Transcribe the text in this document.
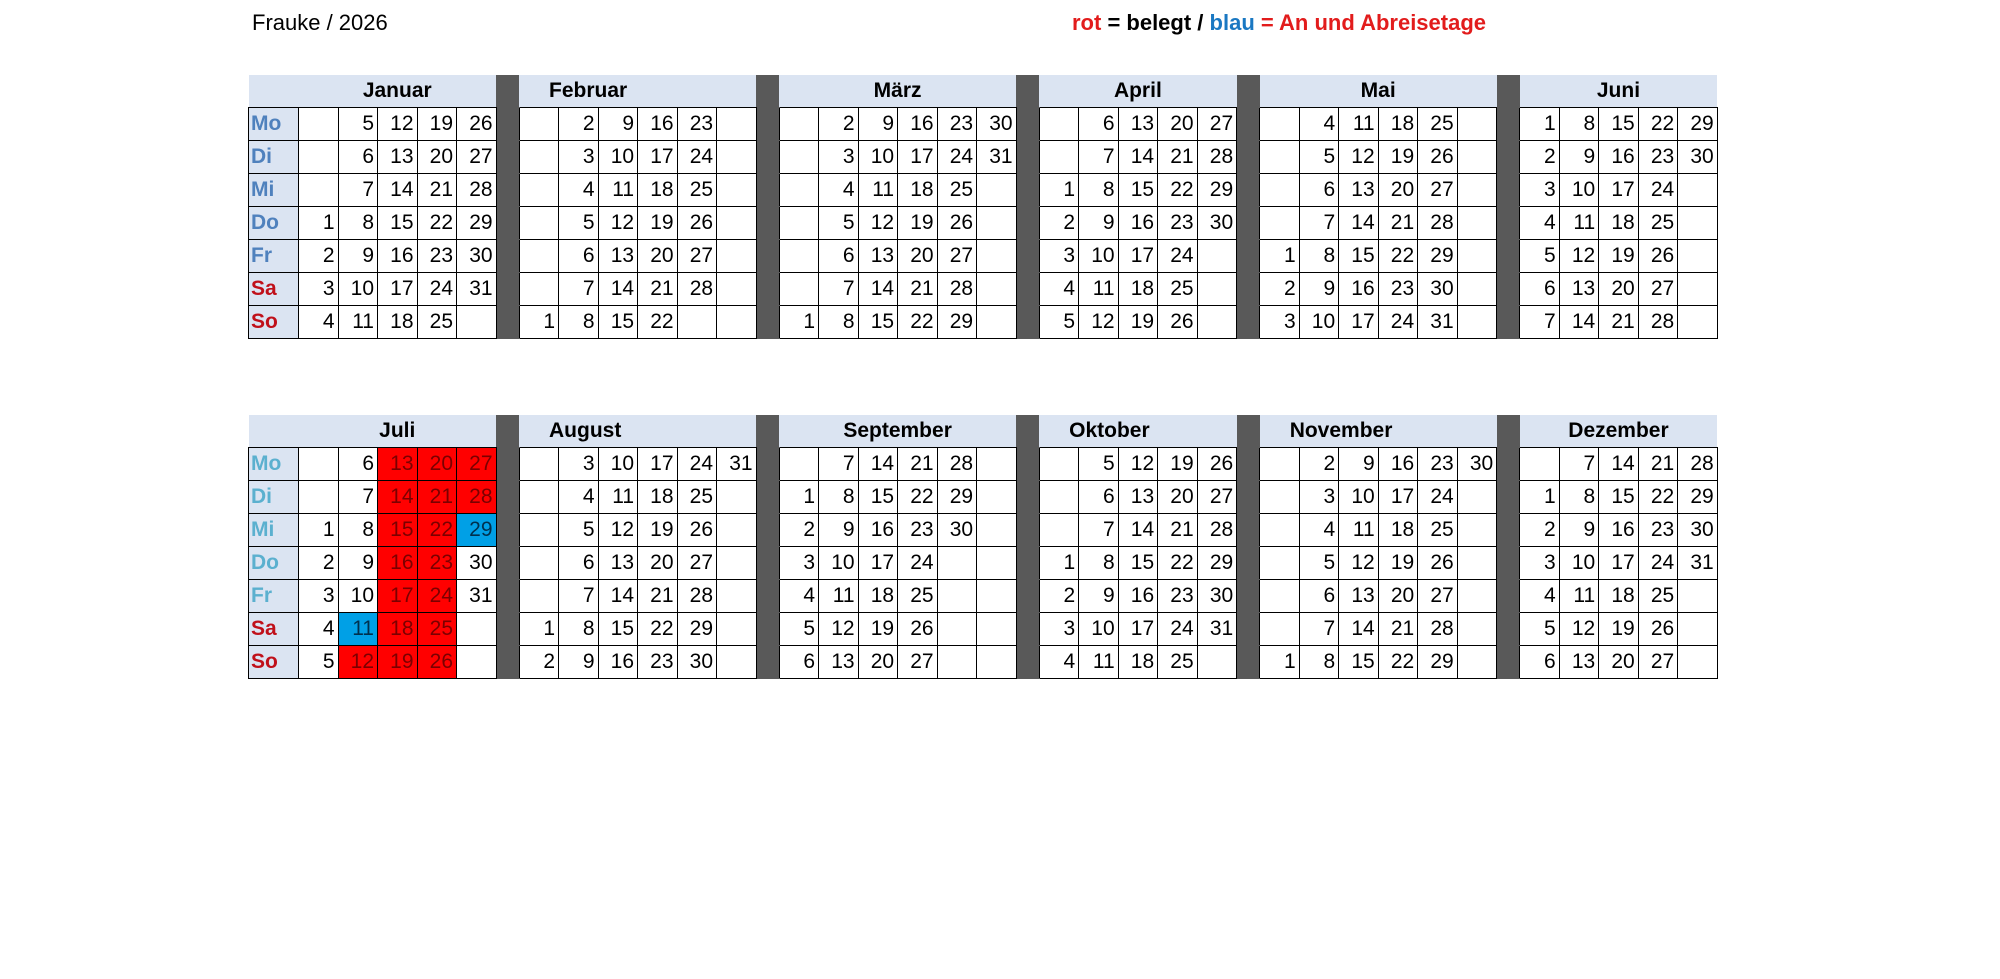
Frauke / 2026	rot = belegt / blau = An und Abreisetage
	Januar						Februar							März							April						Mai							Juni				
Mo		5	12	19	26			2	9	16	23				2	9	16	23	30			6	13	20	27			4	11	18	25			1	8	15	22	29
Di		6	13	20	27			3	10	17	24				3	10	17	24	31			7	14	21	28			5	12	19	26			2	9	16	23	30
Mi		7	14	21	28			4	11	18	25				4	11	18	25			1	8	15	22	29			6	13	20	27			3	10	17	24	
Do	1	8	15	22	29			5	12	19	26				5	12	19	26			2	9	16	23	30			7	14	21	28			4	11	18	25	
Fr	2	9	16	23	30			6	13	20	27				6	13	20	27			3	10	17	24			1	8	15	22	29			5	12	19	26	
Sa	3	10	17	24	31			7	14	21	28				7	14	21	28			4	11	18	25			2	9	16	23	30			6	13	20	27	
So	4	11	18	25			1	8	15	22				1	8	15	22	29			5	12	19	26			3	10	17	24	31			7	14	21	28	
	Juli						August							September							Oktober						November							Dezember				
Mo		6	13	20	27			3	10	17	24	31			7	14	21	28				5	12	19	26			2	9	16	23	30			7	14	21	28
Di		7	14	21	28			4	11	18	25			1	8	15	22	29				6	13	20	27			3	10	17	24			1	8	15	22	29
Mi	1	8	15	22	29			5	12	19	26			2	9	16	23	30				7	14	21	28			4	11	18	25			2	9	16	23	30
Do	2	9	16	23	30			6	13	20	27			3	10	17	24				1	8	15	22	29			5	12	19	26			3	10	17	24	31
Fr	3	10	17	24	31			7	14	21	28			4	11	18	25				2	9	16	23	30			6	13	20	27			4	11	18	25	
Sa	4	11	18	25			1	8	15	22	29			5	12	19	26				3	10	17	24	31			7	14	21	28			5	12	19	26	
So	5	12	19	26			2	9	16	23	30			6	13	20	27				4	11	18	25			1	8	15	22	29			6	13	20	27	
